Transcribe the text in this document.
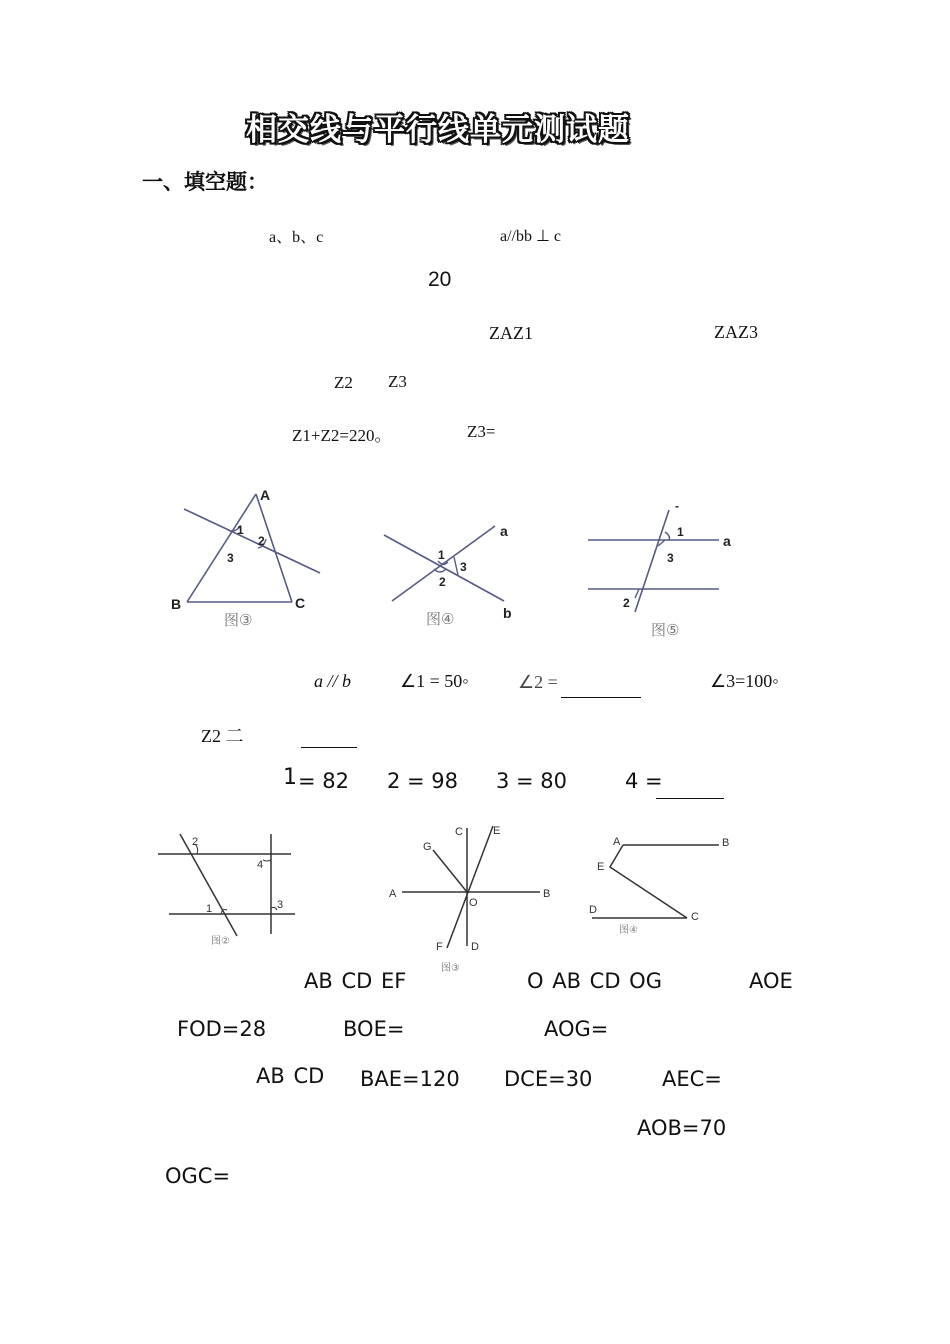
相交线与平行线单元测试题
一、填空题：
a、b、c	a//bb ⊥ c
20
ZAZ1	ZAZ3
Z2 Z3
Z1+Z2=220。	Z3=
A
B	C
1
2
3
图③
a
b
1
2
3
图④
-
1
a
3
2
图⑤
a // b	∠1 = 50◦	∠2 =	∠3=100◦
Z2 二
1 = 82 2 = 98 3 = 80	4 =
2
4
1	3
图②
A	B
C	E
G
O
F	D
图③
A	B
E
D
C
图④
AB CD EF	O AB CD OG	AOE
FOD=28	BOE=	AOG=
AB CD BAE=120 DCE=30	AEC=
AOB=70
OGC=
